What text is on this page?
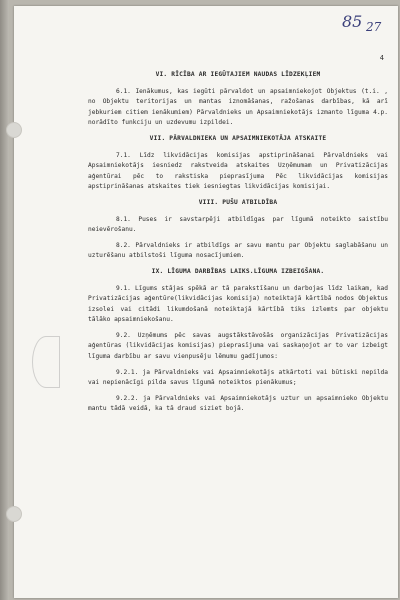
85 27
4
VI. RĪCĪBA AR IEGŪTAJIEM NAUDAS LĪDZEKĻIEM
6.1. Ienākumus, kas iegūti pārvaldot un apsaimniekojot Objektus (t.i. , no Objektu teritorijas un mantas iznomāšanas, ražošanas darbības, kā arī jebkuriem citiem ienākumiem) Pārvaldnieks un Apsaimniekotājs izmanto līguma 4.p. norādīto funkciju un uzdevumu izpildei.
VII. PĀRVALDNIEKA UN APSAIMNIEKOTĀJA ATSKAITE
7.1. Līdz likvidācijas komisijas apstiprināšanai Pārvaldnieks vai Apsaimniekotājs iesniedz rakstveida atskaites Uzņēmumam un Privatizācijas aģentūrai pēc to rakstiska pieprasījuma Pēc likvidācijas komisijas apstiprināšanas atskaites tiek iesniegtas likvidācijas komisijai.
VIII. PUŠU ATBILDĪBA
8.1. Puses ir savstarpēji atbildīgas par līgumā noteikto saistību neievērošanu.
8.2. Pārvaldnieks ir atbildīgs ar savu mantu par Objektu saglabāšanu un uzturēšanu atbilstoši līguma nosacījumiem.
IX. LĪGUMA DARBĪBAS LAIKS.LĪGUMA IZBEIGŠANA.
9.1. Līgums stājas spēkā ar tā parakstīšanu un darbojas līdz laikam, kad Privatizācijas aģentūre(likvidācijas komisija) noteiktajā kārtībā nodos Objektus izsolei vai citādi likumdošanā noteiktajā kārtībā tiks izlemts par objektu tālāko apsaimniekošanu.
9.2. Uzņēmums pēc savas augstākstāvošās organizācijas Privatizācijas aģentūras (likvidācijas komisijas) pieprasījuma vai saskaņojot ar to var izbeigt līguma darbību ar savu vienpusēju lēmumu gadījumos:
9.2.1. ja Pārvaldnieks vai Apsaimniekotājs atkārtoti vai būtiski nepilda vai nepienācīgi pilda savus līgumā noteiktos pienākumus;
9.2.2. ja Pārvaldnieks vai Apsaimniekotājs uztur un apsaimnieko Objektu mantu tādā veidā, ka tā draud siziet bojā.
